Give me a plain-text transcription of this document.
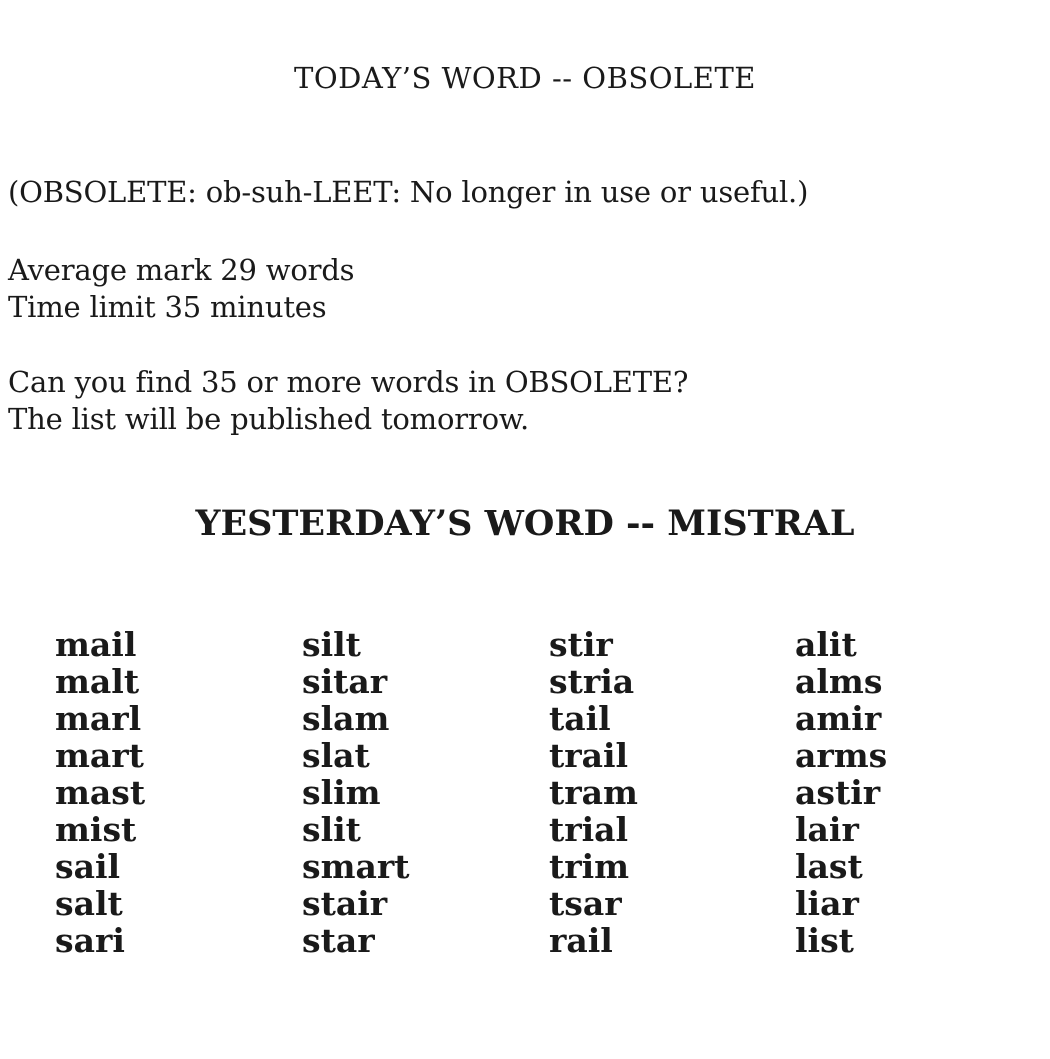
TODAY’S WORD -- OBSOLETE
(OBSOLETE: ob-suh-LEET: No longer in use or useful.)
Average mark 29 words
Time limit 35 minutes
Can you find 35 or more words in OBSOLETE?
The list will be published tomorrow.
YESTERDAY’S WORD -- MISTRAL
mail
malt
marl
mart
mast
mist
sail
salt
sari
silt
sitar
slam
slat
slim
slit
smart
stair
star
stir
stria
tail
trail
tram
trial
trim
tsar
rail
alit
alms
amir
arms
astir
lair
last
liar
list
